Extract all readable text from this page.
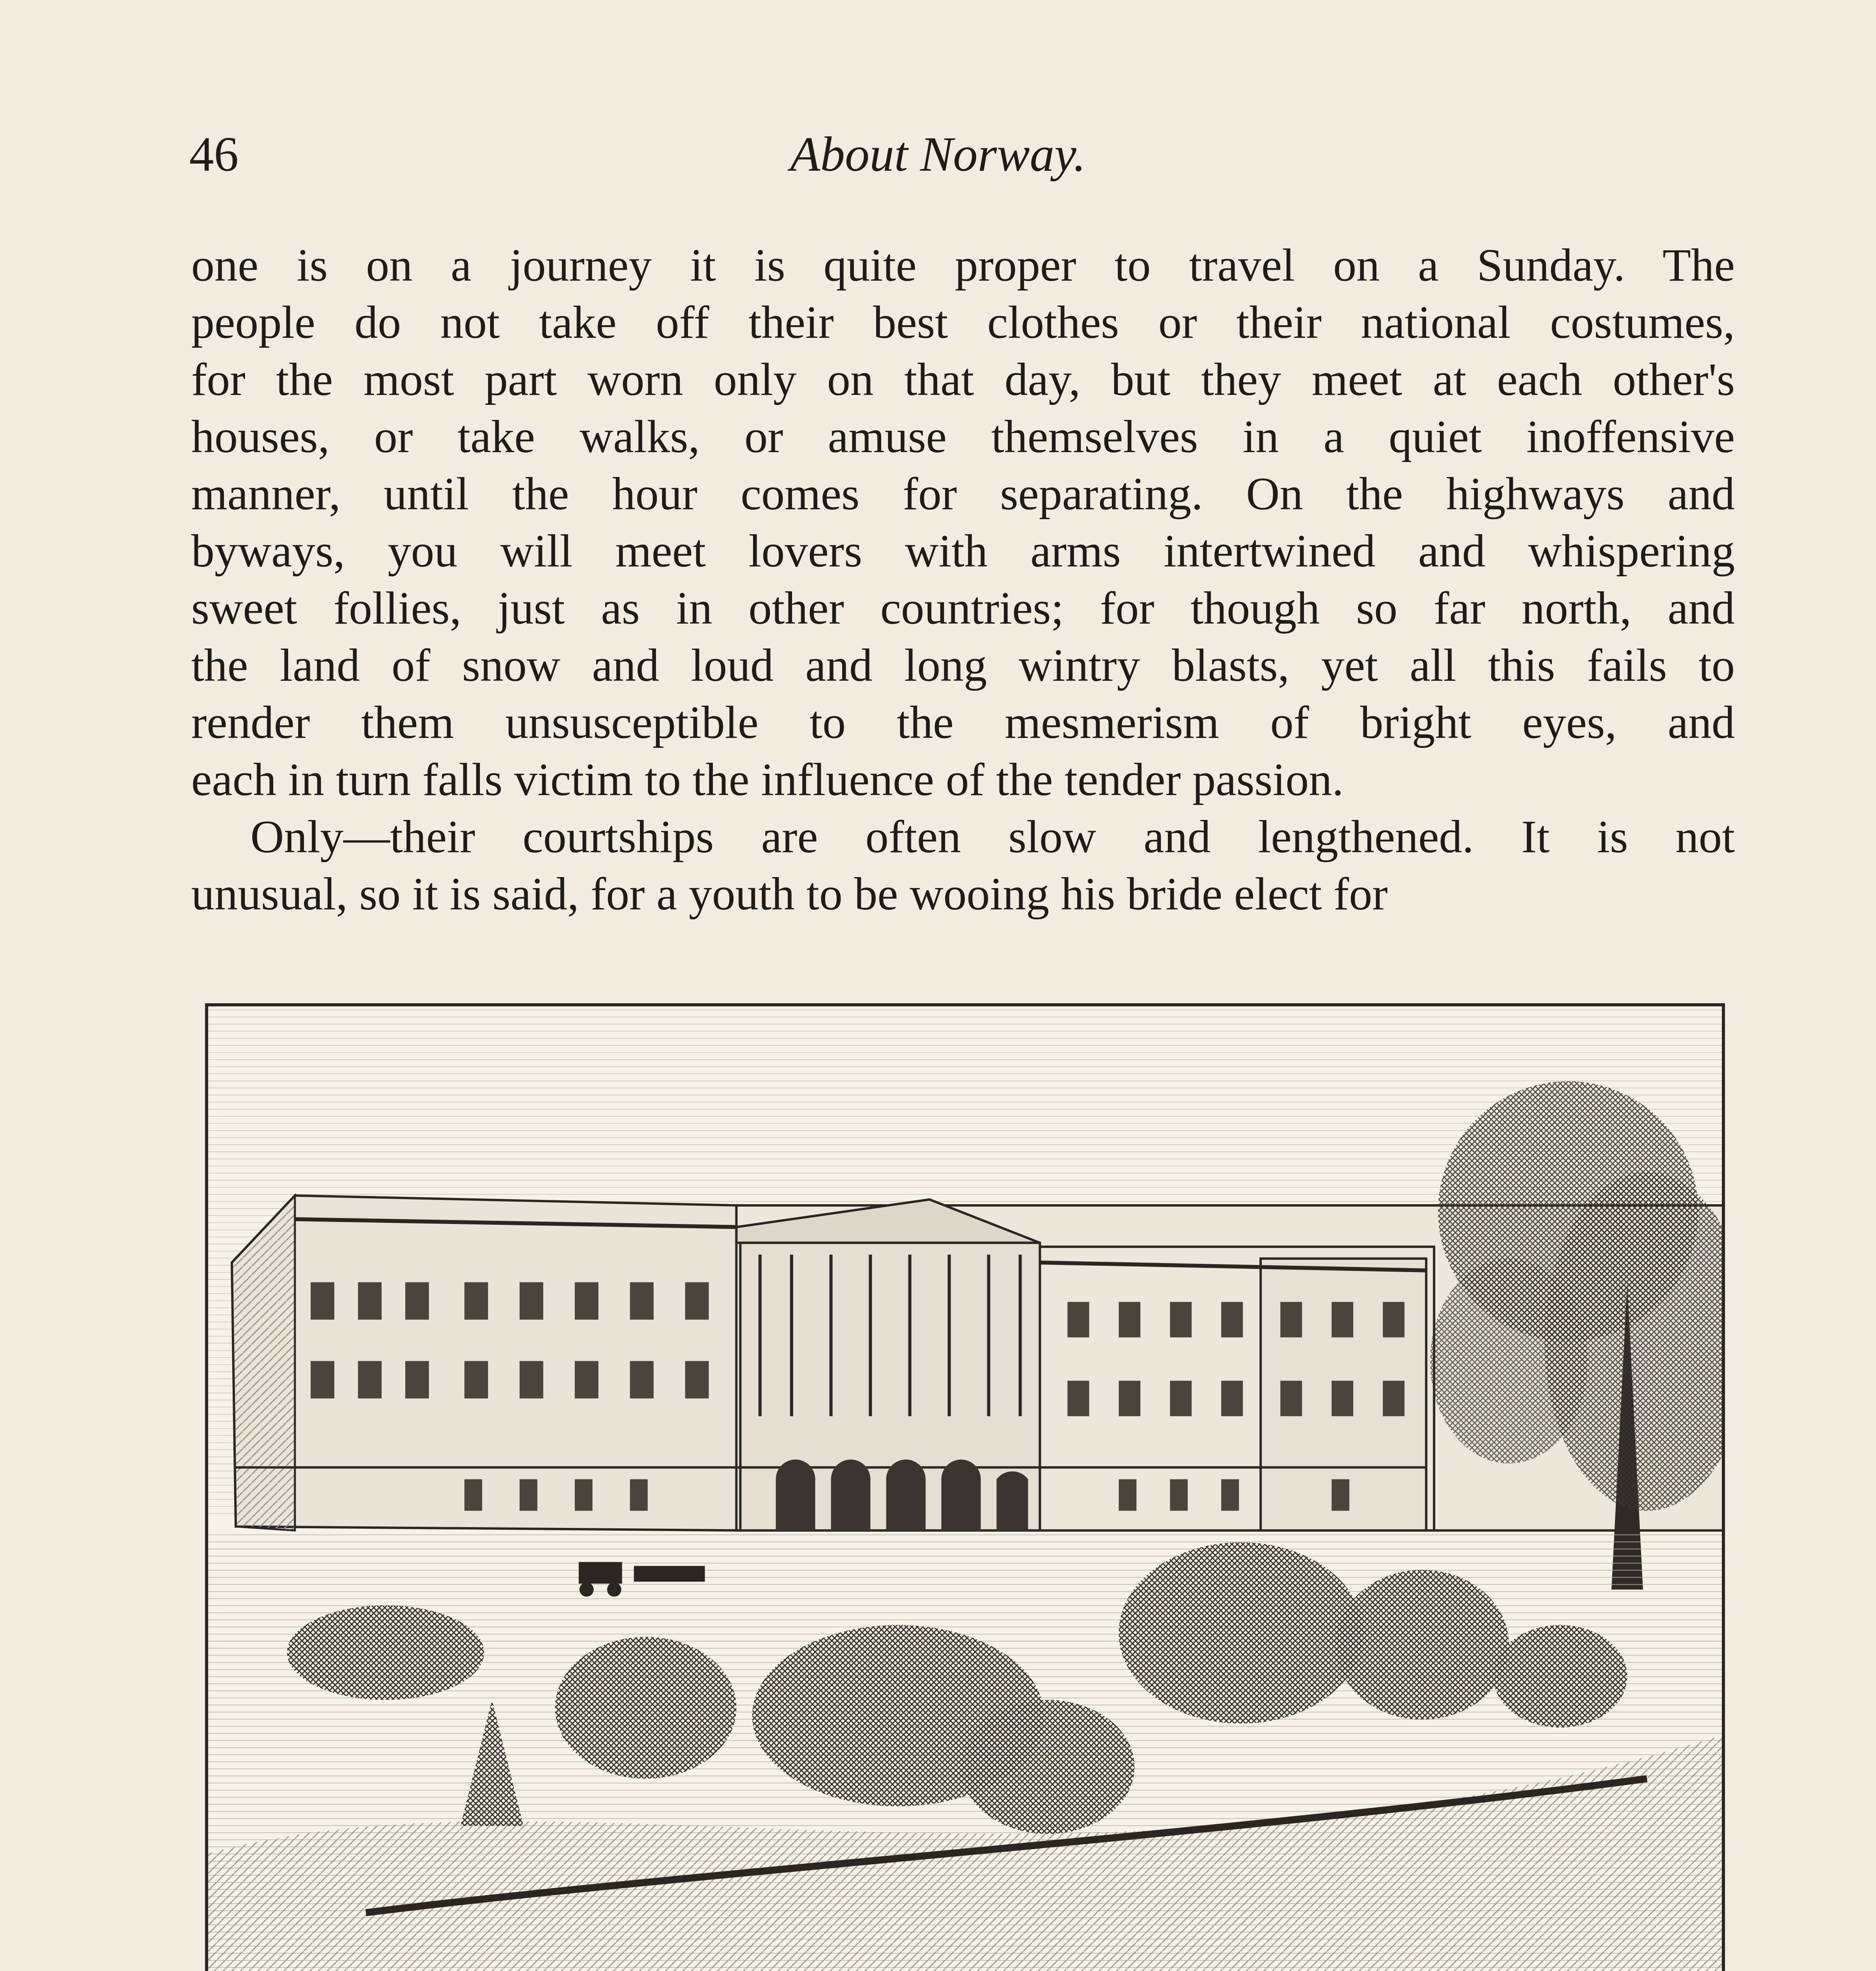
46	About Norway.

one is on a journey it is quite proper to travel on a Sunday. The
people do not take off their best clothes or their national costumes,
for the most part worn only on that day, but they meet at each other's
houses, or take walks, or amuse themselves in a quiet inoffensive
manner, until the hour comes for separating. On the highways and
byways, you will meet lovers with arms intertwined and whispering
sweet follies, just as in other countries; for though so far north, and
the land of snow and loud and long wintry blasts, yet all this fails to
render them unsusceptible to the mesmerism of bright eyes, and
each in turn falls victim to the influence of the tender passion.

Only—their courtships are often slow and lengthened. It is not
unusual, so it is said, for a youth to be wooing his bride elect for
